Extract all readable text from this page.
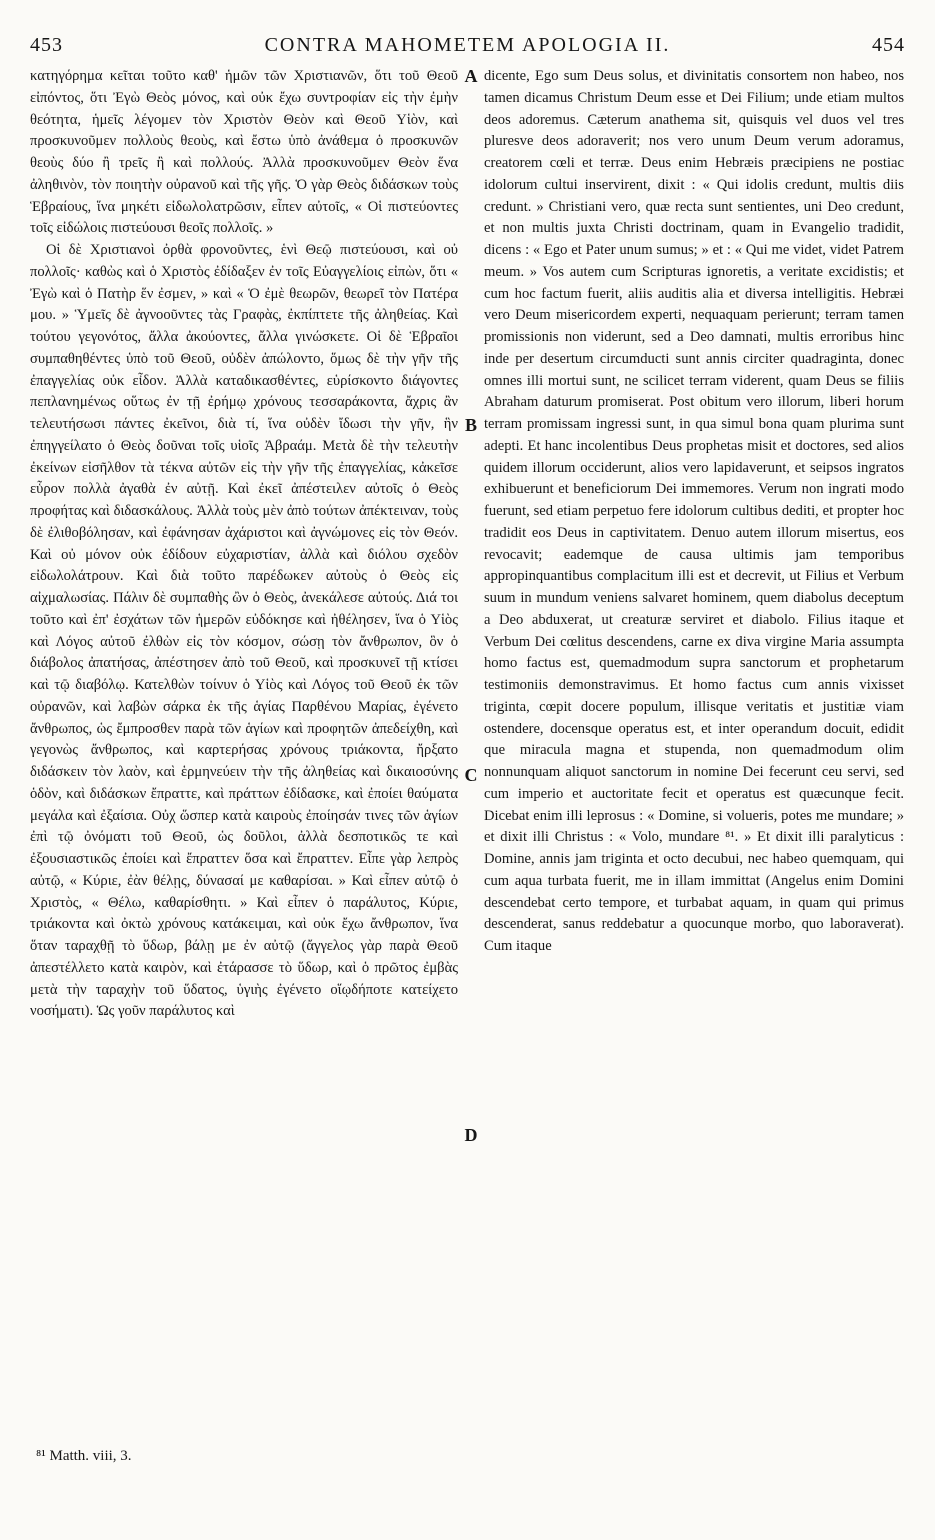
453	CONTRA MAHOMETEM APOLOGIA II.	454

κατηγόρημα κεῖται τοῦτο καθ' ἡμῶν τῶν Χριστιανῶν, ὅτι τοῦ Θεοῦ εἰπόντος, ὅτι Ἐγὼ Θεὸς μόνος, καὶ οὐκ ἔχω συντροφίαν εἰς τὴν ἐμὴν θεότητα, ἡμεῖς λέγομεν τὸν Χριστὸν Θεὸν καὶ Θεοῦ Υἱὸν, καὶ προσκυνοῦμεν πολλοὺς θεοὺς, καὶ ἔστω ὑπὸ ἀνάθεμα ὁ προσκυνῶν θεοὺς δύο ἢ τρεῖς ἢ καὶ πολλούς. Ἀλλὰ προσκυνοῦμεν Θεὸν ἕνα ἀληθινὸν, τὸν ποιητὴν οὐρανοῦ καὶ τῆς γῆς. Ὁ γὰρ Θεὸς διδάσκων τοὺς Ἑβραίους, ἵνα μηκέτι εἰδωλολατρῶσιν, εἶπεν αὐτοῖς, « Οἱ πιστεύοντες τοῖς εἰδώλοις πιστεύουσι θεοῖς πολλοῖς. »

Οἱ δὲ Χριστιανοὶ ὀρθὰ φρονοῦντες, ἑνὶ Θεῷ πιστεύουσι, καὶ οὐ πολλοῖς· καθὼς καὶ ὁ Χριστὸς ἐδίδαξεν ἐν τοῖς Εὐαγγελίοις εἰπὼν, ὅτι « Ἐγὼ καὶ ὁ Πατὴρ ἕν ἐσμεν, » καὶ « Ὁ ἐμὲ θεωρῶν, θεωρεῖ τὸν Πατέρα μου. » Ὑμεῖς δὲ ἀγνοοῦντες τὰς Γραφὰς, ἐκπίπτετε τῆς ἀληθείας. Καὶ τούτου γεγονότος, ἄλλα ἀκούοντες, ἄλλα γινώσκετε. Οἱ δὲ Ἑβραῖοι συμπαθηθέντες ὑπὸ τοῦ Θεοῦ, οὐδὲν ἀπώλοντο, ὅμως δὲ τὴν γῆν τῆς ἐπαγγελίας οὐκ εἶδον. Ἀλλὰ καταδικασθέντες, εὑρίσκοντο διάγοντες πεπλανημένως οὕτως ἐν τῇ ἐρήμῳ χρόνους τεσσαράκοντα, ἄχρις ἂν τελευτήσωσι πάντες ἐκεῖνοι, διὰ τί, ἵνα οὐδὲν ἴδωσι τὴν γῆν, ἣν ἐπηγγείλατο ὁ Θεὸς δοῦναι τοῖς υἱοῖς Ἀβραάμ. Μετὰ δὲ τὴν τελευτὴν ἐκείνων εἰσῆλθον τὰ τέκνα αὐτῶν εἰς τὴν γῆν τῆς ἐπαγγελίας, κἀκεῖσε εὗρον πολλὰ ἀγαθὰ ἐν αὐτῇ. Καὶ ἐκεῖ ἀπέστειλεν αὐτοῖς ὁ Θεὸς προφήτας καὶ διδασκάλους. Ἀλλὰ τοὺς μὲν ἀπὸ τούτων ἀπέκτειναν, τοὺς δὲ ἐλιθοβόλησαν, καὶ ἐφάνησαν ἀχάριστοι καὶ ἀγνώμονες εἰς τὸν Θεόν. Καὶ οὐ μόνον οὐκ ἐδίδουν εὐχαριστίαν, ἀλλὰ καὶ διόλου σχεδὸν εἰδωλολάτρουν. Καὶ διὰ τοῦτο παρέδωκεν αὐτοὺς ὁ Θεὸς εἰς αἰχμαλωσίας. Πάλιν δὲ συμπαθὴς ὢν ὁ Θεὸς, ἀνεκάλεσε αὐτούς. Διά τοι τοῦτο καὶ ἐπ' ἐσχάτων τῶν ἡμερῶν εὐδόκησε καὶ ἠθέλησεν, ἵνα ὁ Υἱὸς καὶ Λόγος αὐτοῦ ἐλθὼν εἰς τὸν κόσμον, σώσῃ τὸν ἄνθρωπον, ὃν ὁ διάβολος ἀπατήσας, ἀπέστησεν ἀπὸ τοῦ Θεοῦ, καὶ προσκυνεῖ τῇ κτίσει καὶ τῷ διαβόλῳ. Κατελθὼν τοίνυν ὁ Υἱὸς καὶ Λόγος τοῦ Θεοῦ ἐκ τῶν οὐρανῶν, καὶ λαβὼν σάρκα ἐκ τῆς ἁγίας Παρθένου Μαρίας, ἐγένετο ἄνθρωπος, ὡς ἔμπροσθεν παρὰ τῶν ἁγίων καὶ προφητῶν ἀπεδείχθη, καὶ γεγονὼς ἄνθρωπος, καὶ καρτερήσας χρόνους τριάκοντα, ἤρξατο διδάσκειν τὸν λαὸν, καὶ ἑρμηνεύειν τὴν τῆς ἀληθείας καὶ δικαιοσύνης ὁδὸν, καὶ διδάσκων ἔπραττε, καὶ πράττων ἐδίδασκε, καὶ ἐποίει θαύματα μεγάλα καὶ ἐξαίσια. Οὐχ ὥσπερ κατὰ καιροὺς ἐποίησάν τινες τῶν ἁγίων ἐπὶ τῷ ὀνόματι τοῦ Θεοῦ, ὡς δοῦλοι, ἀλλὰ δεσποτικῶς τε καὶ ἐξουσιαστικῶς ἐποίει καὶ ἔπραττεν ὅσα καὶ ἔπραττεν. Εἶπε γὰρ λεπρὸς αὐτῷ, « Κύριε, ἐὰν θέλῃς, δύνασαί με καθαρίσαι. » Καὶ εἶπεν αὐτῷ ὁ Χριστὸς, « Θέλω, καθαρίσθητι. » Καὶ εἶπεν ὁ παράλυτος, Κύριε, τριάκοντα καὶ ὀκτὼ χρόνους κατάκειμαι, καὶ οὐκ ἔχω ἄνθρωπον, ἵνα ὅταν ταραχθῇ τὸ ὕδωρ, βάλῃ με ἐν αὐτῷ (ἄγγελος γὰρ παρὰ Θεοῦ ἀπεστέλλετο κατὰ καιρὸν, καὶ ἐτάρασσε τὸ ὕδωρ, καὶ ὁ πρῶτος ἐμβὰς μετὰ τὴν ταραχὴν τοῦ ὕδατος, ὑγιὴς ἐγένετο οἵῳδήποτε κατείχετο νοσήματι). Ὡς γοῦν παράλυτος καὶ

A
B
C
D

dicente, Ego sum Deus solus, et divinitatis consortem non habeo, nos tamen dicamus Christum Deum esse et Dei Filium; unde etiam multos deos adoremus. Cæterum anathema sit, quisquis vel duos vel tres pluresve deos adoraverit; nos vero unum Deum verum adoramus, creatorem cœli et terræ. Deus enim Hebræis præcipiens ne postiac idolorum cultui inservirent, dixit : « Qui idolis credunt, multis diis credunt. » Christiani vero, quæ recta sunt sentientes, uni Deo credunt, et non multis juxta Christi doctrinam, quam in Evangelio tradidit, dicens : « Ego et Pater unum sumus; » et : « Qui me videt, videt Patrem meum. » Vos autem cum Scripturas ignoretis, a veritate excidistis; et cum hoc factum fuerit, aliis auditis alia et diversa intelligitis. Hebræi vero Deum misericordem experti, nequaquam perierunt; terram tamen promissionis non viderunt, sed a Deo damnati, multis erroribus hinc inde per desertum circumducti sunt annis circiter quadraginta, donec omnes illi mortui sunt, ne scilicet terram viderent, quam Deus se filiis Abraham daturum promiserat. Post obitum vero illorum, liberi horum terram promissam ingressi sunt, in qua simul bona quam plurima sunt adepti. Et hanc incolentibus Deus prophetas misit et doctores, sed alios quidem illorum occiderunt, alios vero lapidaverunt, et seipsos ingratos exhibuerunt et beneficiorum Dei immemores. Verum non ingrati modo fuerunt, sed etiam perpetuo fere idolorum cultibus dediti, et propter hoc tradidit eos Deus in captivitatem. Denuo autem illorum misertus, eos revocavit; eademque de causa ultimis jam temporibus appropinquantibus complacitum illi est et decrevit, ut Filius et Verbum suum in mundum veniens salvaret hominem, quem diabolus deceptum a Deo abduxerat, ut creaturæ serviret et diabolo. Filius itaque et Verbum Dei cœlitus descendens, carne ex diva virgine Maria assumpta homo factus est, quemadmodum supra sanctorum et prophetarum testimoniis demonstravimus. Et homo factus cum annis vixisset triginta, cœpit docere populum, illisque veritatis et justitiæ viam ostendere, docensque operatus est, et inter operandum docuit, edidit que miracula magna et stupenda, non quemadmodum olim nonnunquam aliquot sanctorum in nomine Dei fecerunt ceu servi, sed cum imperio et auctoritate fecit et operatus est quæcunque fecit. Dicebat enim illi leprosus : « Domine, si volueris, potes me mundare; » et dixit illi Christus : « Volo, mundare ⁸¹. » Et dixit illi paralyticus : Domine, annis jam triginta et octo decubui, nec habeo quemquam, qui cum aqua turbata fuerit, me in illam immittat (Angelus enim Domini descendebat certo tempore, et turbabat aquam, in quam qui primus descenderat, sanus reddebatur a quocunque morbo, quo laboraverat). Cum itaque

⁸¹ Matth. viii, 3.
